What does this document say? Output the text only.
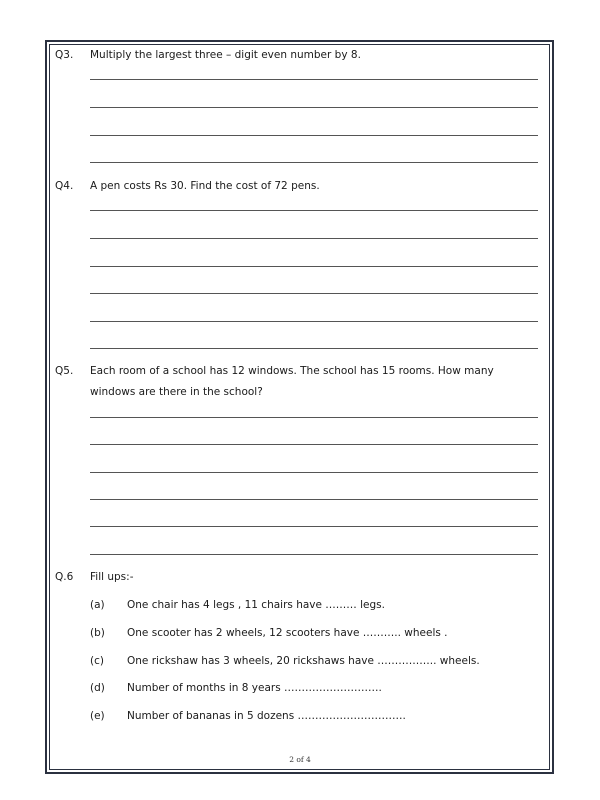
Q3. Multiply the largest three – digit even number by 8.
Q4. A pen costs Rs 30. Find the cost of 72 pens.
Q5. Each room of a school has 12 windows. The school has 15 rooms. How many
windows are there in the school?
Q.6 Fill ups:-
(a) One chair has 4 legs , 11 chairs have ……… legs.
(b) One scooter has 2 wheels, 12 scooters have ……….. wheels .
(c) One rickshaw has 3 wheels, 20 rickshaws have …………….. wheels.
(d) Number of months in 8 years ……………………….
(e) Number of bananas in 5 dozens ………………………….
2 of 4
